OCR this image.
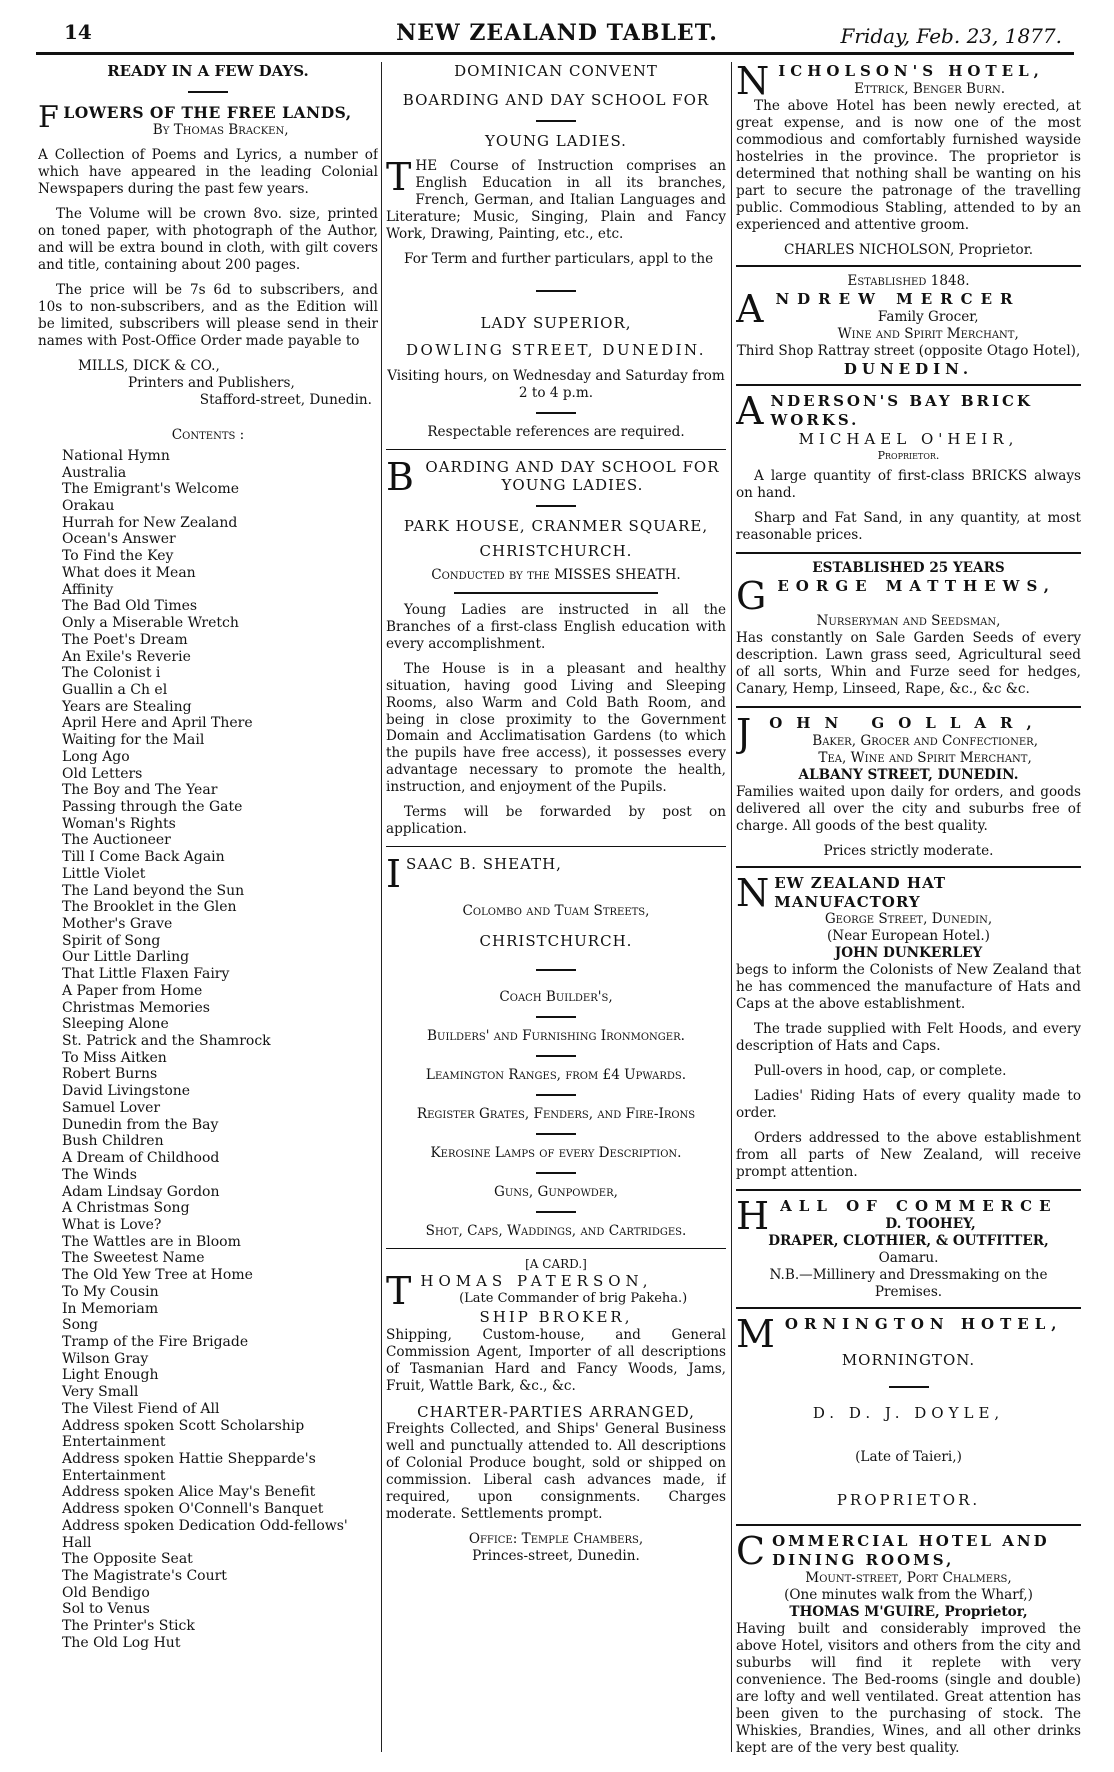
14	NEW ZEALAND TABLET.	Friday, Feb. 23, 1877.
READY IN A FEW DAYS.
FLOWERS OF THE FREE LANDS,
By Thomas Bracken,

A Collection of Poems and Lyrics, a number of which have appeared in the leading Colonial Newspapers during the past few years.

The Volume will be crown 8vo. size, printed on toned paper, with photograph of the Author, and will be extra bound in cloth, with gilt covers and title, containing about 200 pages.

The price will be 7s 6d to subscribers, and 10s to non-subscribers, and as the Edition will be limited, subscribers will please send in their names with Post-Office Order made payable to

MILLS, DICK & CO.,
Printers and Publishers,
Stafford-street, Dunedin.
Contents :
National Hymn
Australia
The Emigrant's Welcome
Orakau
Hurrah for New Zealand
Ocean's Answer
To Find the Key
What does it Mean
Affinity
The Bad Old Times
Only a Miserable Wretch
The Poet's Dream
An Exile's Reverie
The Colonist i
Guallin a Ch el
Years are Stealing
April Here and April There
Waiting for the Mail
Long Ago
Old Letters
The Boy and The Year
Passing through the Gate
Woman's Rights
The Auctioneer
Till I Come Back Again
Little Violet
The Land beyond the Sun
The Brooklet in the Glen
Mother's Grave
Spirit of Song
Our Little Darling
That Little Flaxen Fairy
A Paper from Home
Christmas Memories
Sleeping Alone
St. Patrick and the Shamrock
To Miss Aitken
Robert Burns
David Livingstone
Samuel Lover
Dunedin from the Bay
Bush Children
A Dream of Childhood
The Winds
Adam Lindsay Gordon
A Christmas Song
What is Love?
The Wattles are in Bloom
The Sweetest Name
The Old Yew Tree at Home
To My Cousin
In Memoriam
Song
Tramp of the Fire Brigade
Wilson Gray
Light Enough
Very Small
The Vilest Fiend of All
Address spoken Scott Scholarship Entertainment
Address spoken Hattie Shepparde's Entertainment
Address spoken Alice May's Benefit
Address spoken O'Connell's Banquet
Address spoken Dedication Odd-fellows' Hall
The Opposite Seat
The Magistrate's Court
Old Bendigo
Sol to Venus
The Printer's Stick
The Old Log Hut
DOMINICAN CONVENT
BOARDING AND DAY SCHOOL FOR
YOUNG LADIES.

THE Course of Instruction comprises an English Education in all its branches, French, German, and Italian Languages and Literature; Music, Singing, Plain and Fancy Work, Drawing, Painting, etc., etc.

For Term and further particulars, appl to the

LADY SUPERIOR,
DOWLING STREET, DUNEDIN.
Visiting hours, on Wednesday and Saturday from 2 to 4 p.m.
Respectable references are required.
BOARDING AND DAY SCHOOL FOR YOUNG LADIES.
PARK HOUSE, CRANMER SQUARE,
CHRISTCHURCH.
Conducted by the MISSES SHEATH.

Young Ladies are instructed in all the Branches of a first-class English education with every accomplishment.

The House is in a pleasant and healthy situation, having good Living and Sleeping Rooms, also Warm and Cold Bath Room, and being in close proximity to the Government Domain and Acclimatisation Gardens (to which the pupils have free access), it possesses every advantage necessary to promote the health, instruction, and enjoyment of the Pupils.

Terms will be forwarded by post on application.

ISAAC B. SHEATH,
Colombo and Tuam Streets,
CHRISTCHURCH.
Coach Builder's,
Builders' and Furnishing Ironmonger.
Leamington Ranges, from £4 Upwards.
Register Grates, Fenders, and Fire-Irons
Kerosine Lamps of every Description.
Guns, Gunpowder,
Shot, Caps, Waddings, and Cartridges.
[A CARD.]
THOMAS PATERSON,
(Late Commander of brig Pakeha.)
SHIP BROKER,

Shipping, Custom-house, and General Commission Agent, Importer of all descriptions of Tasmanian Hard and Fancy Woods, Jams, Fruit, Wattle Bark, &c., &c.

CHARTER-PARTIES ARRANGED,

Freights Collected, and Ships' General Business well and punctually attended to. All descriptions of Colonial Produce bought, sold or shipped on commission. Liberal cash advances made, if required, upon consignments. Charges moderate. Settlements prompt.

Office: Temple Chambers,
Princes-street, Dunedin.
NICHOLSON'S HOTEL,
Ettrick, Benger Burn.

The above Hotel has been newly erected, at great expense, and is now one of the most commodious and comfortably furnished wayside hostelries in the province. The proprietor is determined that nothing shall be wanting on his part to secure the patronage of the travelling public. Commodious Stabling, attended to by an experienced and attentive groom.

CHARLES NICHOLSON, Proprietor.
Established 1848.
ANDREW MERCER
Family Grocer,
Wine and Spirit Merchant,
Third Shop Rattray street (opposite Otago Hotel),
DUNEDIN.
ANDERSON'S BAY BRICK WORKS.
MICHAEL O'HEIR,
Proprietor.

A large quantity of first-class BRICKS always on hand.

Sharp and Fat Sand, in any quantity, at most reasonable prices.

ESTABLISHED 25 YEARS
GEORGE MATTHEWS,
Nurseryman and Seedsman,

Has constantly on Sale Garden Seeds of every description. Lawn grass seed, Agricultural seed of all sorts, Whin and Furze seed for hedges, Canary, Hemp, Linseed, Rape, &c., &c &c.

JOHN GOLLAR,
Baker, Grocer and Confectioner,
Tea, Wine and Spirit Merchant,
ALBANY STREET, DUNEDIN.

Families waited upon daily for orders, and goods delivered all over the city and suburbs free of charge. All goods of the best quality.

Prices strictly moderate.
NEW ZEALAND HAT MANUFACTORY
George Street, Dunedin,
(Near European Hotel.)
JOHN DUNKERLEY

begs to inform the Colonists of New Zealand that he has commenced the manufacture of Hats and Caps at the above establishment.

The trade supplied with Felt Hoods, and every description of Hats and Caps.

Pull-overs in hood, cap, or complete.

Ladies' Riding Hats of every quality made to order.

Orders addressed to the above establishment from all parts of New Zealand, will receive prompt attention.

HALL OF COMMERCE
D. TOOHEY,
DRAPER, CLOTHIER, & OUTFITTER,
Oamaru.
N.B.—Millinery and Dressmaking on the Premises.
MORNINGTON HOTEL,
MORNINGTON.
D. D. J. DOYLE,
(Late of Taieri,)
PROPRIETOR.
COMMERCIAL HOTEL AND DINING ROOMS,
Mount-street, Port Chalmers,
(One minutes walk from the Wharf,)
THOMAS M'GUIRE, Proprietor,

Having built and considerably improved the above Hotel, visitors and others from the city and suburbs will find it replete with very convenience. The Bed-rooms (single and double) are lofty and well ventilated. Great attention has been given to the purchasing of stock. The Whiskies, Brandies, Wines, and all other drinks kept are of the very best quality.
